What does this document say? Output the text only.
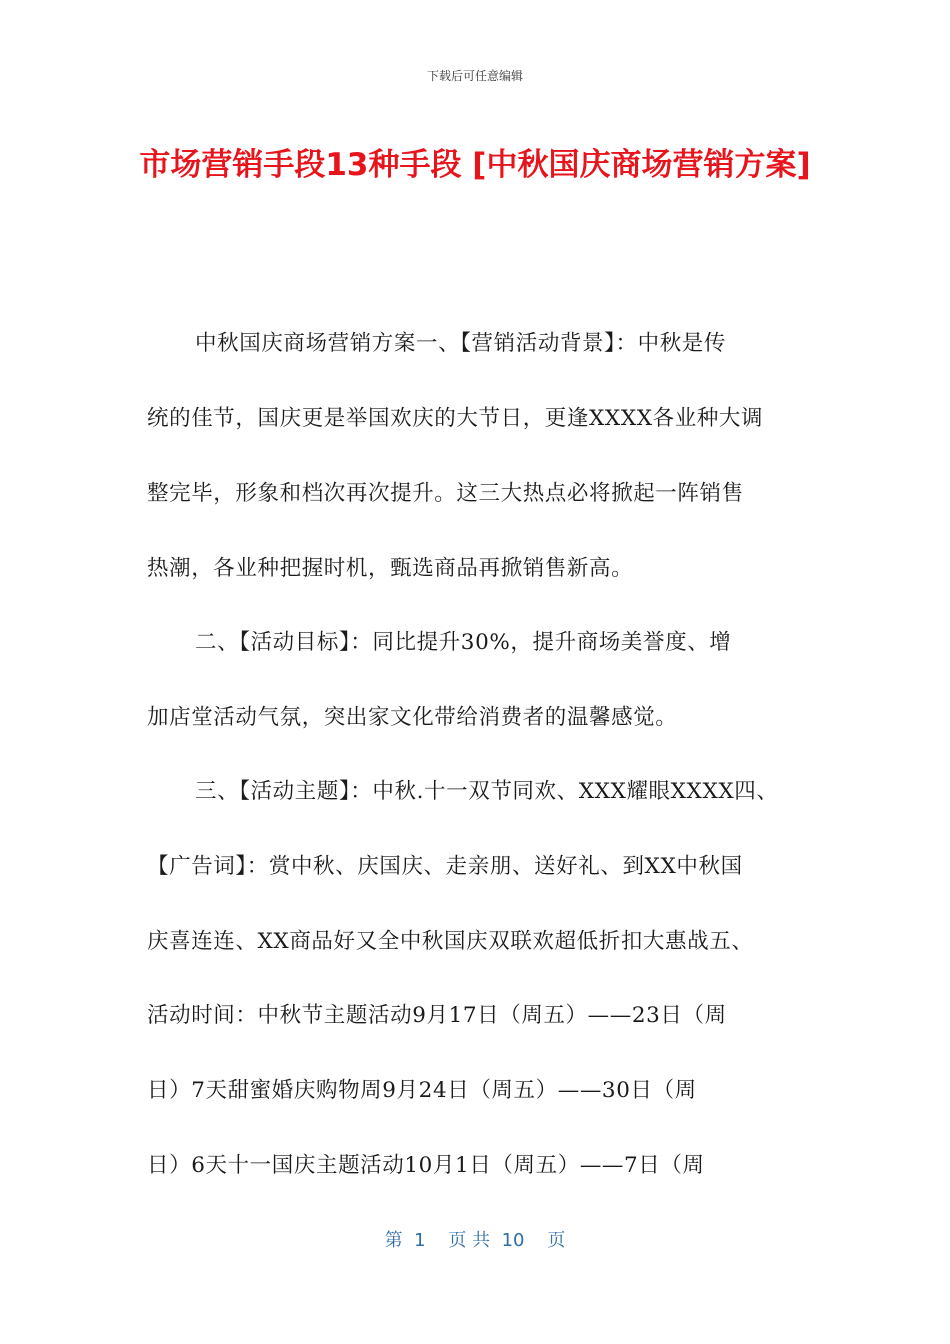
下载后可任意编辑
市场营销手段13种手段 [中秋国庆商场营销方案]
中秋国庆商场营销方案一、【营销活动背景】：中秋是传
统的佳节，国庆更是举国欢庆的大节日，更逢XXXX各业种大调
整完毕，形象和档次再次提升。这三大热点必将掀起一阵销售
热潮，各业种把握时机，甄选商品再掀销售新高。
二、【活动目标】：同比提升30%，提升商场美誉度、增
加店堂活动气氛，突出家文化带给消费者的温馨感觉。
三、【活动主题】：中秋.十一双节同欢、XXX耀眼XXXX四、
【广告词】：赏中秋、庆国庆、走亲朋、送好礼、到XX中秋国
庆喜连连、XX商品好又全中秋国庆双联欢超低折扣大惠战五、
活动时间：中秋节主题活动9月17日（周五）——23日（周
日）7天甜蜜婚庆购物周9月24日（周五）——30日（周
日）6天十一国庆主题活动10月1日（周五）——7日（周
第  1    页 共  10    页
